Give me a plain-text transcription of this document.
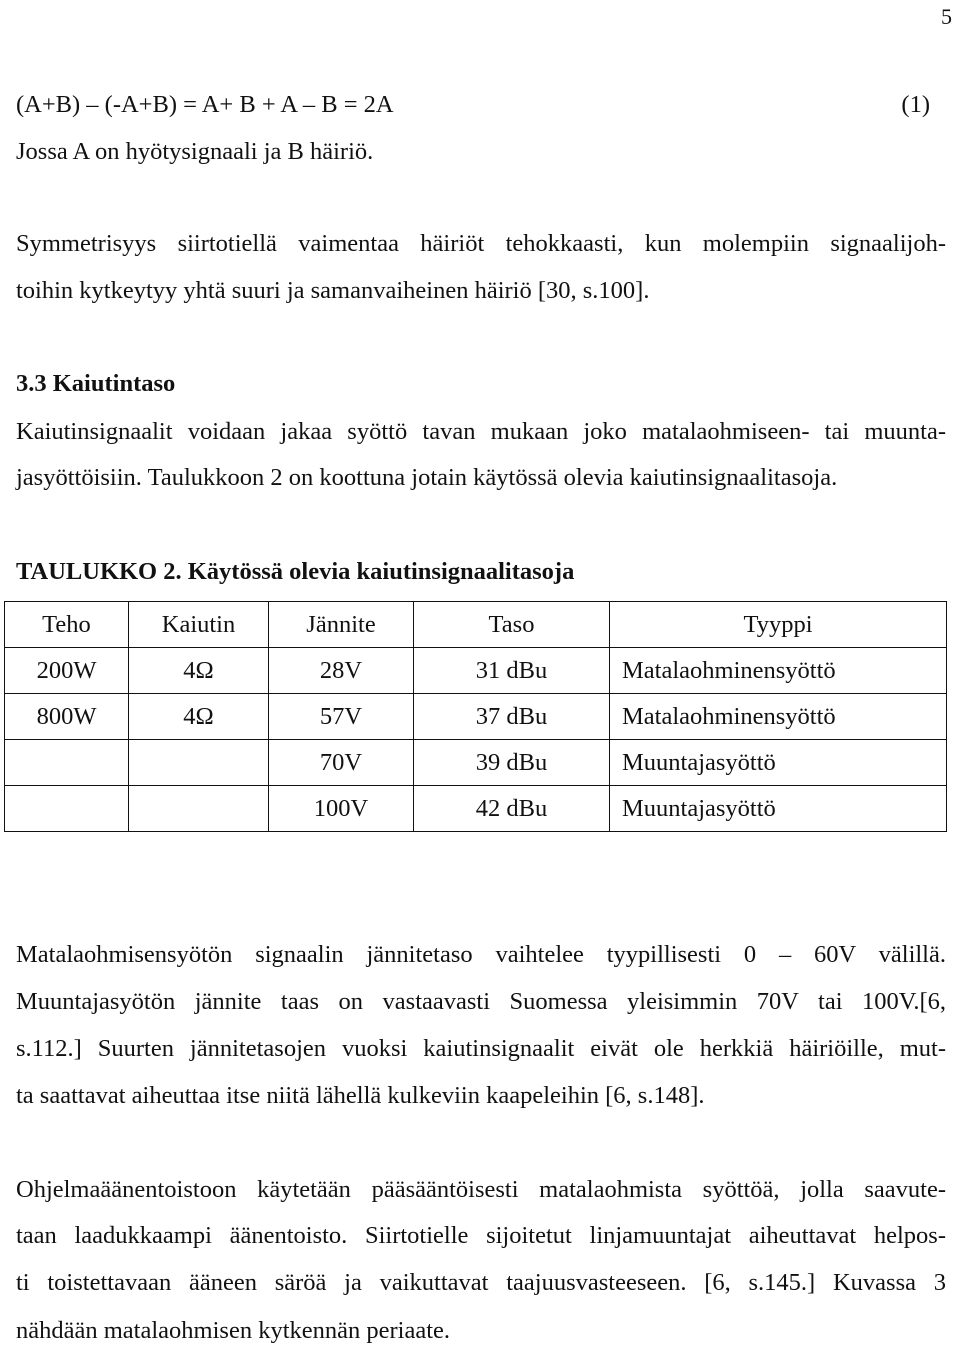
5
(A+B) – (-A+B) = A+ B + A – B = 2A	(1)
Jossa A on hyötysignaali ja B häiriö.
Symmetrisyys siirtotiellä vaimentaa häiriöt tehokkaasti, kun molempiin signaalijoh-
toihin kytkeytyy yhtä suuri ja samanvaiheinen häiriö [30, s.100].
3.3 Kaiutintaso
Kaiutinsignaalit voidaan jakaa syöttö tavan mukaan joko matalaohmiseen- tai muunta-
jasyöttöisiin. Taulukkoon 2 on koottuna jotain käytössä olevia kaiutinsignaalitasoja.
TAULUKKO 2. Käytössä olevia kaiutinsignaalitasoja
Teho	Kaiutin	Jännite	Taso	Tyyppi
200W	4Ω	28V	31 dBu	Matalaohminensyöttö
800W	4Ω	57V	37 dBu	Matalaohminensyöttö
		70V	39 dBu	Muuntajasyöttö
		100V	42 dBu	Muuntajasyöttö
Matalaohmisensyötön signaalin jännitetaso vaihtelee tyypillisesti 0 – 60V välillä.
Muuntajasyötön jännite taas on vastaavasti Suomessa yleisimmin 70V tai 100V.[6,
s.112.] Suurten jännitetasojen vuoksi kaiutinsignaalit eivät ole herkkiä häiriöille, mut-
ta saattavat aiheuttaa itse niitä lähellä kulkeviin kaapeleihin [6, s.148].
Ohjelmaäänentoistoon käytetään pääsääntöisesti matalaohmista syöttöä, jolla saavute-
taan laadukkaampi äänentoisto. Siirtotielle sijoitetut linjamuuntajat aiheuttavat helpos-
ti toistettavaan ääneen säröä ja vaikuttavat taajuusvasteeseen. [6, s.145.] Kuvassa 3
nähdään matalaohmisen kytkennän periaate.
